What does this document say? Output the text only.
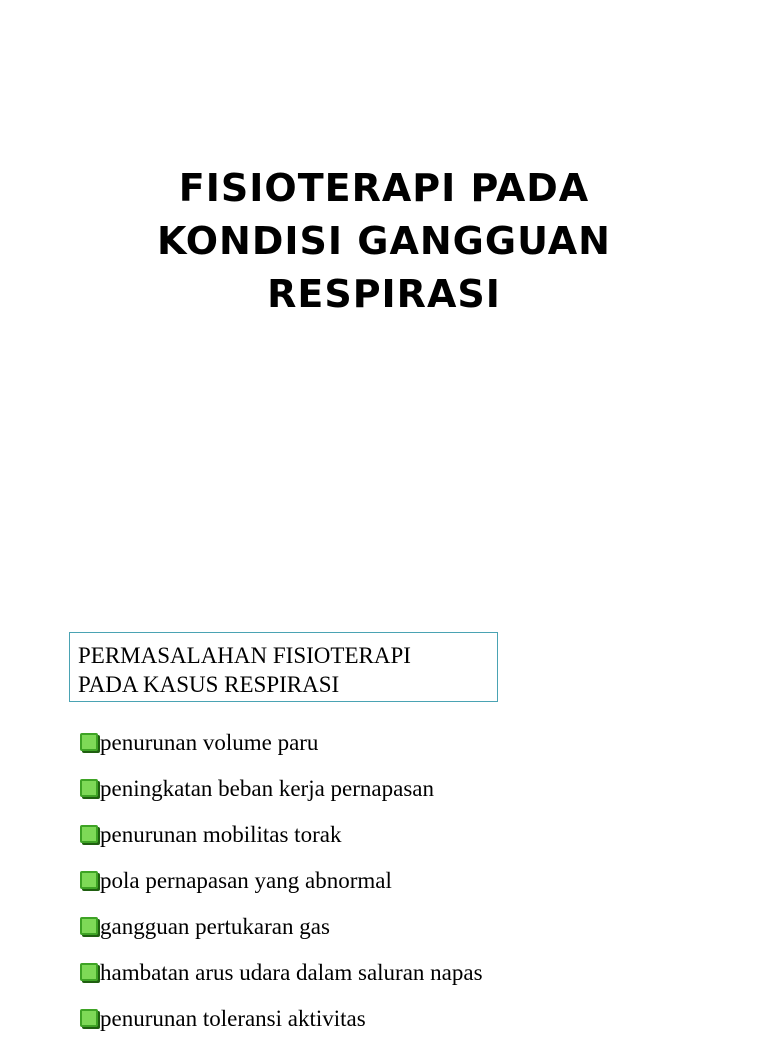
FISIOTERAPI PADA
KONDISI GANGGUAN
RESPIRASI
PERMASALAHAN FISIOTERAPI
PADA KASUS RESPIRASI
penurunan volume paru
peningkatan beban kerja pernapasan
penurunan mobilitas torak
pola pernapasan yang abnormal
gangguan pertukaran gas
hambatan arus udara dalam saluran napas
penurunan toleransi aktivitas
